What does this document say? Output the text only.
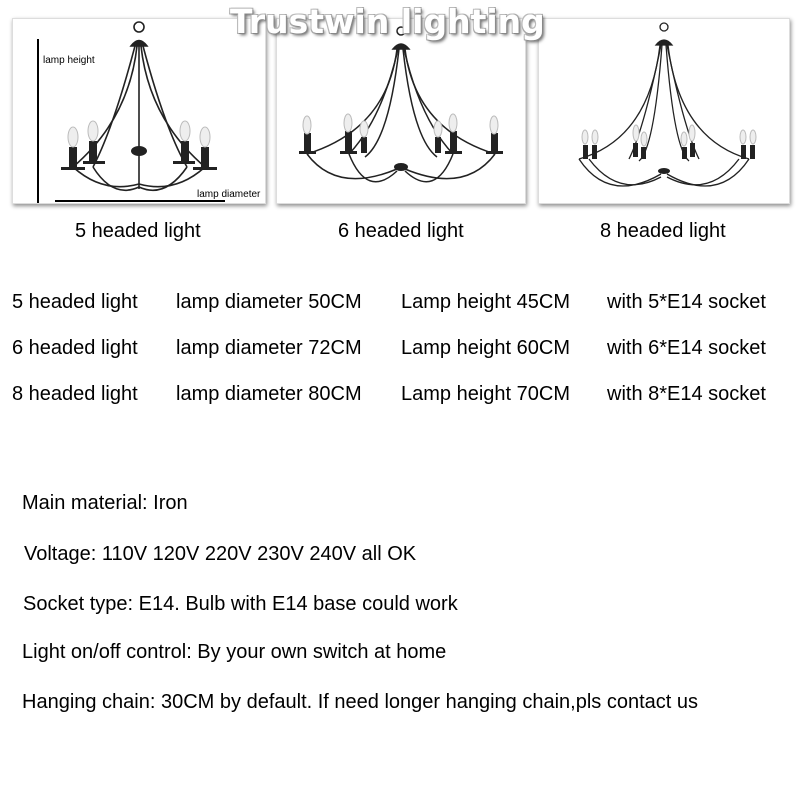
Trustwin lighting
lamp height
lamp diameter
5 headed light	6 headed light	8 headed light
5 headed light lamp diameter 50CM Lamp height 45CM with 5*E14 socket
6 headed light lamp diameter 72CM Lamp height 60CM with 6*E14 socket
8 headed light lamp diameter 80CM Lamp height 70CM with 8*E14 socket
Main material: Iron
Voltage: 110V 120V 220V 230V 240V all OK
Socket type: E14. Bulb with E14 base could work
Light on/off control: By your own switch at home
Hanging chain: 30CM by default. If need longer hanging chain,pls contact us
